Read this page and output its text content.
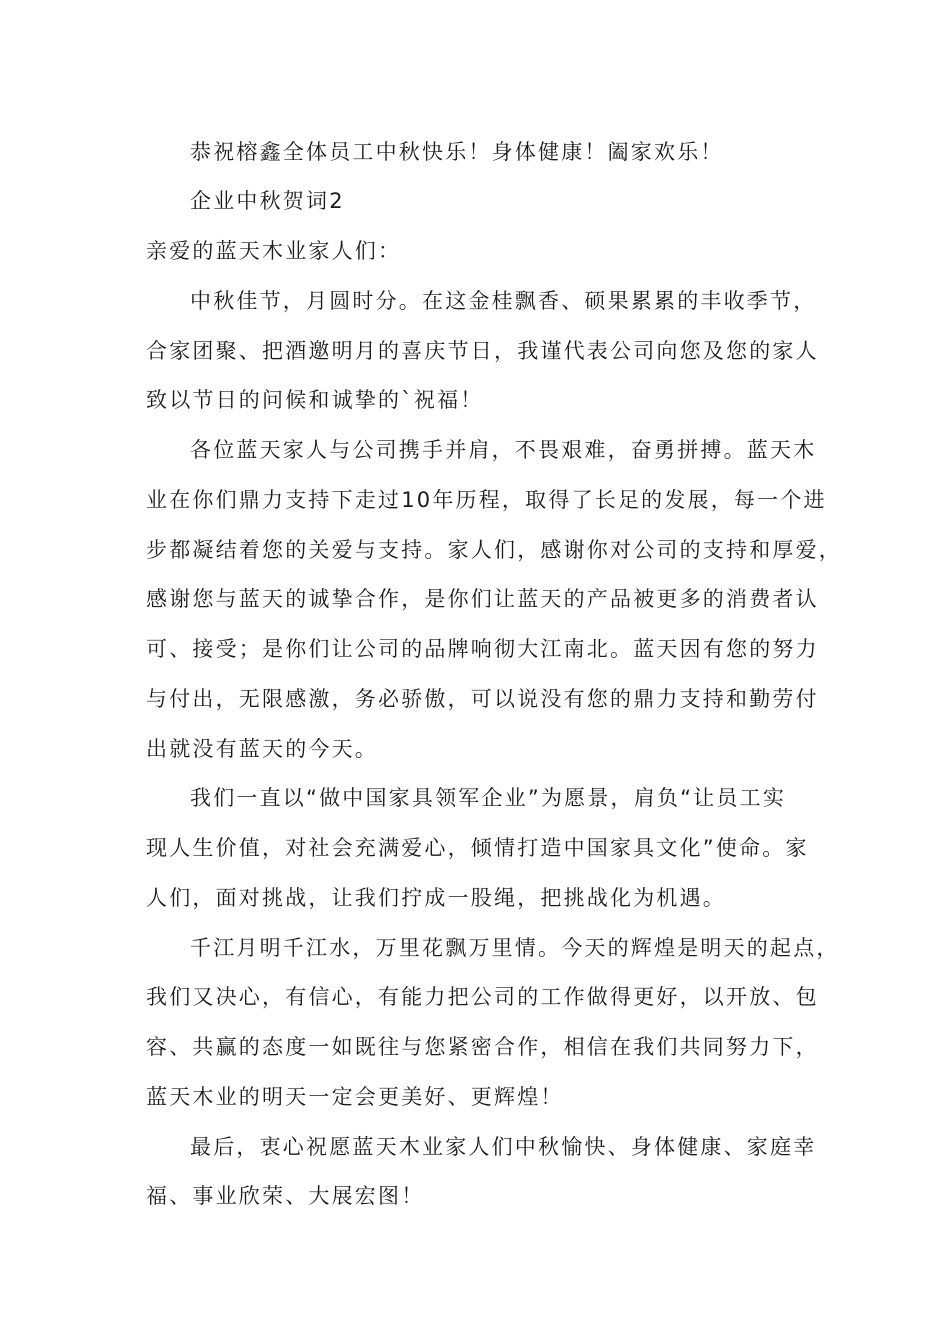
恭祝榕鑫全体员工中秋快乐！身体健康！阖家欢乐！
企业中秋贺词2
亲爱的蓝天木业家人们：
中秋佳节，月圆时分。在这金桂飘香、硕果累累的丰收季节，
合家团聚、把酒邀明月的喜庆节日，我谨代表公司向您及您的家人
致以节日的问候和诚挚的`祝福！
各位蓝天家人与公司携手并肩，不畏艰难，奋勇拼搏。蓝天木
业在你们鼎力支持下走过10年历程，取得了长足的发展，每一个进
步都凝结着您的关爱与支持。家人们，感谢你对公司的支持和厚爱，
感谢您与蓝天的诚挚合作，是你们让蓝天的产品被更多的消费者认
可、接受；是你们让公司的品牌响彻大江南北。蓝天因有您的努力
与付出，无限感激，务必骄傲，可以说没有您的鼎力支持和勤劳付
出就没有蓝天的今天。
我们一直以“做中国家具领军企业”为愿景，肩负“让员工实
现人生价值，对社会充满爱心，倾情打造中国家具文化”使命。家
人们，面对挑战，让我们拧成一股绳，把挑战化为机遇。
千江月明千江水，万里花飘万里情。今天的辉煌是明天的起点，
我们又决心，有信心，有能力把公司的工作做得更好，以开放、包
容、共赢的态度一如既往与您紧密合作，相信在我们共同努力下，
蓝天木业的明天一定会更美好、更辉煌！
最后，衷心祝愿蓝天木业家人们中秋愉快、身体健康、家庭幸
福、事业欣荣、大展宏图！
